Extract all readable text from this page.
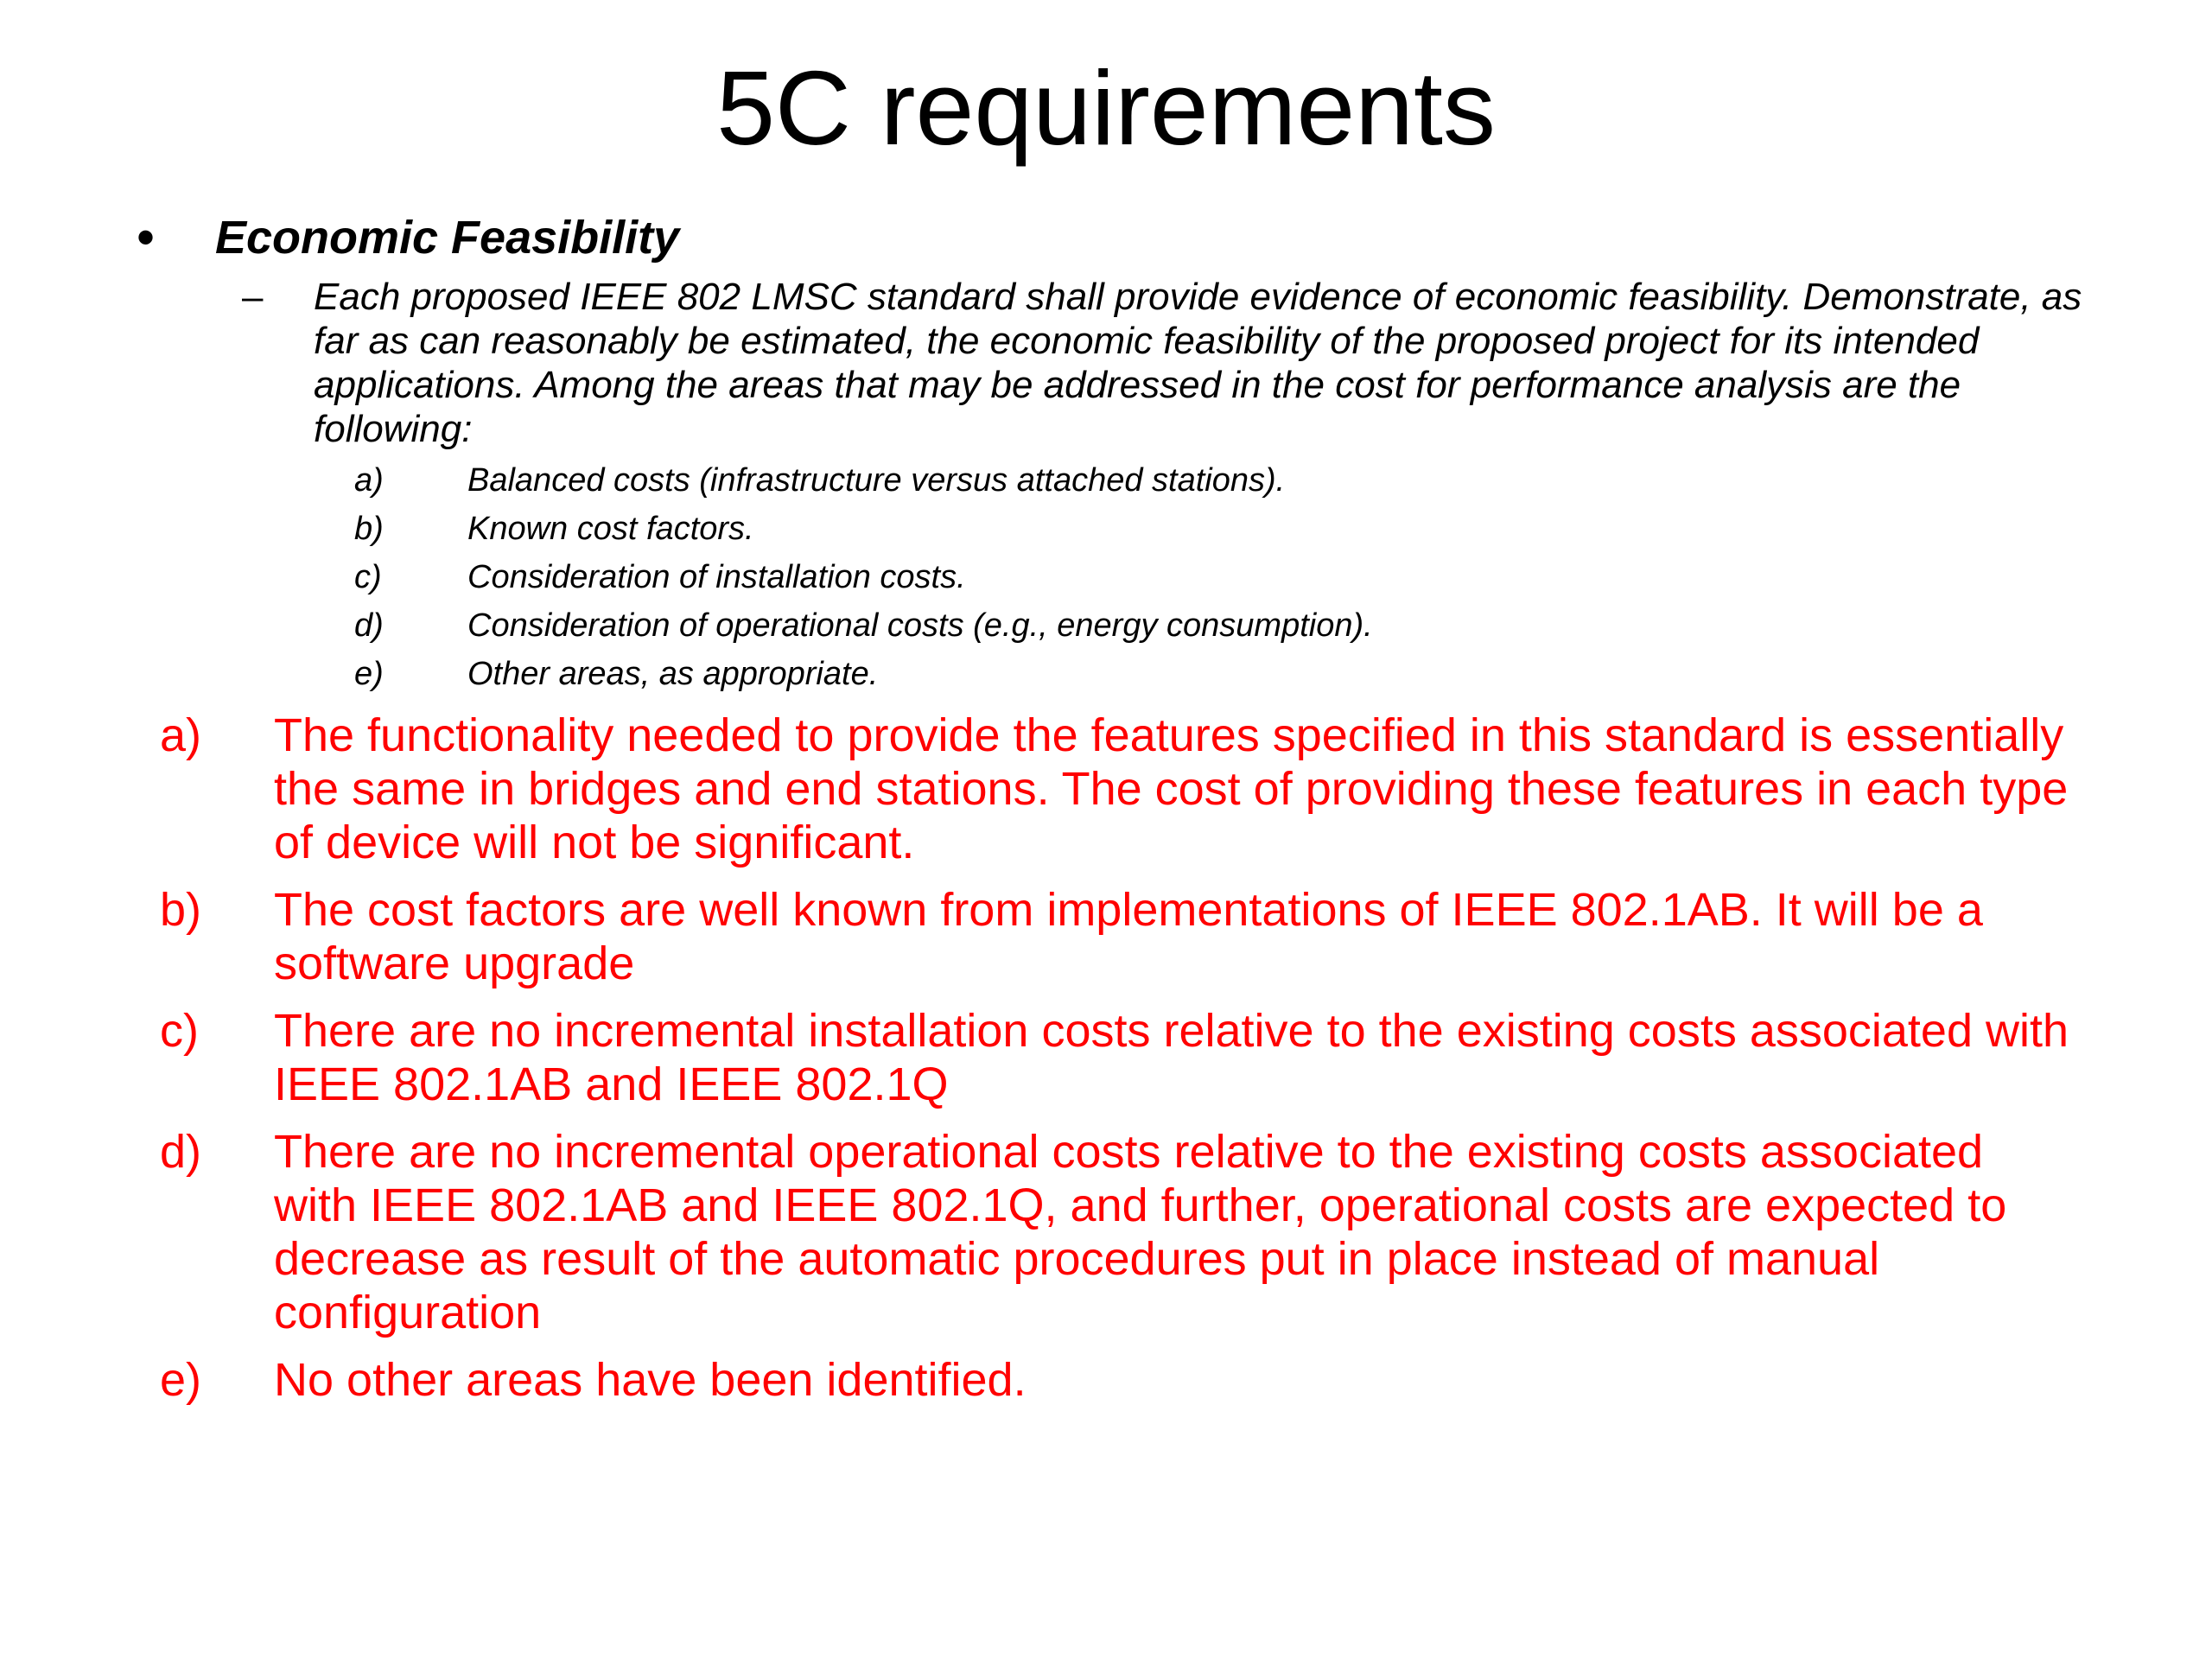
5C requirements
•	Economic Feasibility
–	Each proposed IEEE 802 LMSC standard shall provide evidence of economic feasibility. Demonstrate, as far as can reasonably be estimated, the economic feasibility of the proposed project for its intended applications. Among the areas that may be addressed in the cost for performance analysis are the following:
a)	Balanced costs (infrastructure versus attached stations).
b)	Known cost factors.
c)	Consideration of installation costs.
d)	Consideration of operational costs (e.g., energy consumption).
e)	Other areas, as appropriate.
a)	The functionality needed to provide the features specified in this standard is essentially the same in bridges and end stations. The cost of providing these features in each type of device will not be significant.
b)	The cost factors are well known from implementations of IEEE 802.1AB. It will be a software upgrade
c)	There are no incremental installation costs relative to the existing costs associated with IEEE 802.1AB and IEEE 802.1Q
d)	There are no incremental operational costs relative to the existing costs associated with IEEE 802.1AB and IEEE 802.1Q, and further, operational costs are expected to decrease as result of the automatic procedures put in place instead of manual configuration
e)	No other areas have been identified.
